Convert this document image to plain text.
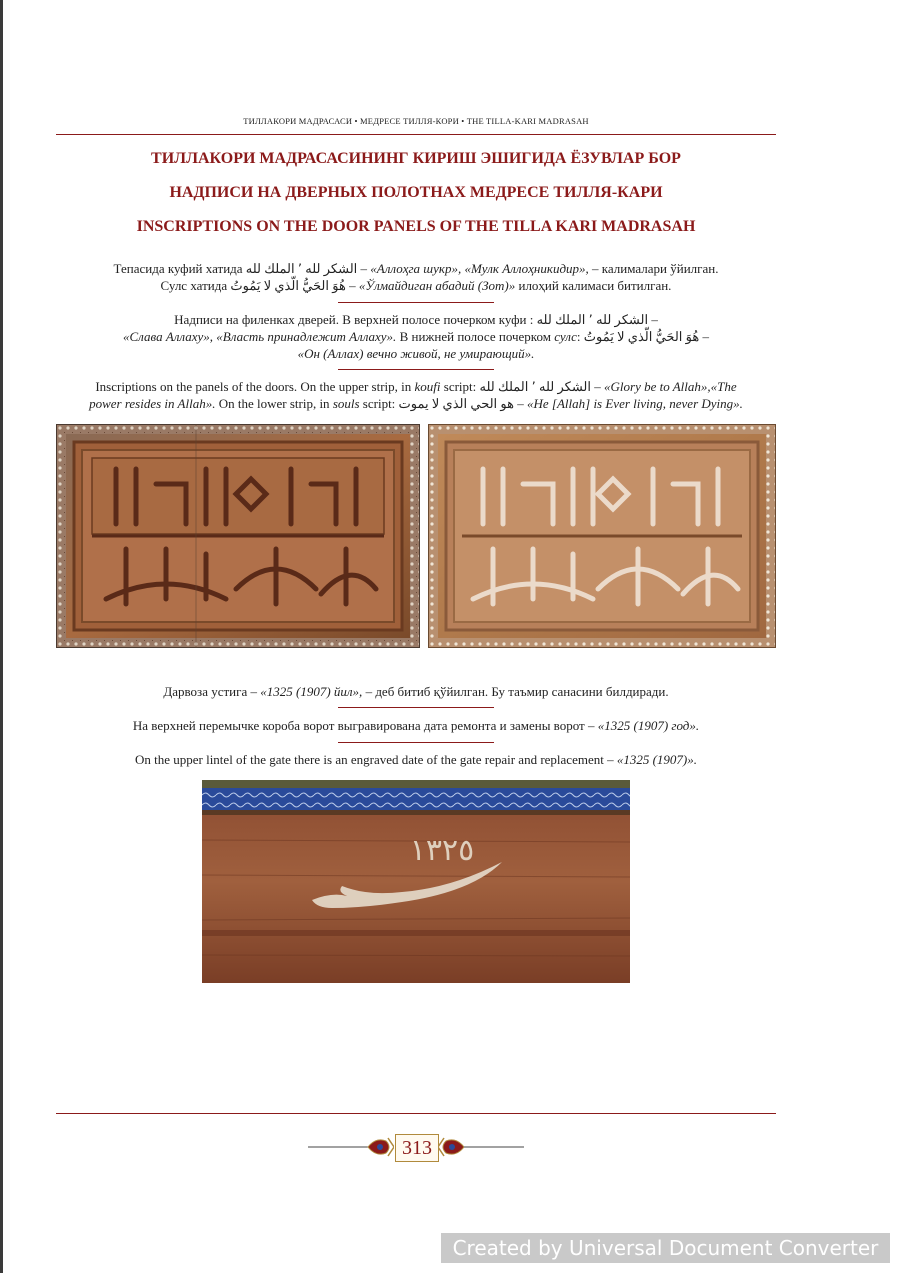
ТИЛЛАКОРИ МАДРАСАСИ • МЕДРЕСЕ ТИЛЛЯ-КОРИ • THE TILLA-KARI MADRASAH
ТИЛЛАКОРИ МАДРАСАСИНИНГ КИРИШ ЭШИГИДА ЁЗУВЛАР БОР
НАДПИСИ НА ДВЕРНЫХ ПОЛОТНАХ МЕДРЕСЕ ТИЛЛЯ-КАРИ
INSCRIPTIONS ON THE DOOR PANELS OF THE TILLA KARI MADRASAH
Тепасида куфий хатида الشكر لله ٬ الملك لله – «Аллоҳга шукр», «Мулк Аллоҳникидир», – калималари ўйилган.
Сулс хатида هُوَ الحَيُّ الّذي لا يَمُوتُ – «Ўлмайдиган абадий (Зот)» илоҳий калимаси битилган.
Надписи на филенках дверей. В верхней полосе почерком куфи : الشكر لله ٬ الملك لله –
«Слава Аллаху», «Власть принадлежит Аллаху». В нижней полосе почерком сулс: هُوَ الحَيُّ الّذي لا يَمُوتُ –
«Он (Аллах) вечно живой, не умирающий».
Inscriptions on the panels of the doors. On the upper strip, in koufi script: الشكر لله ٬ الملك لله – «Glory be to Allah»,«The
power resides in Allah». On the lower strip, in souls script: هو الحي الذي لا يموت – «He [Allah] is Ever living, never Dying».
Дарвоза устига – «1325 (1907) йил», – деб битиб қўйилган. Бу таъмир санасини билдиради.
На верхней перемычке короба ворот выгравирована дата ремонта и замены ворот – «1325 (1907) год».
On the upper lintel of the gate there is an engraved date of the gate repair and replacement – «1325 (1907)».
١٣٢٥
313
Created by Universal Document Converter
